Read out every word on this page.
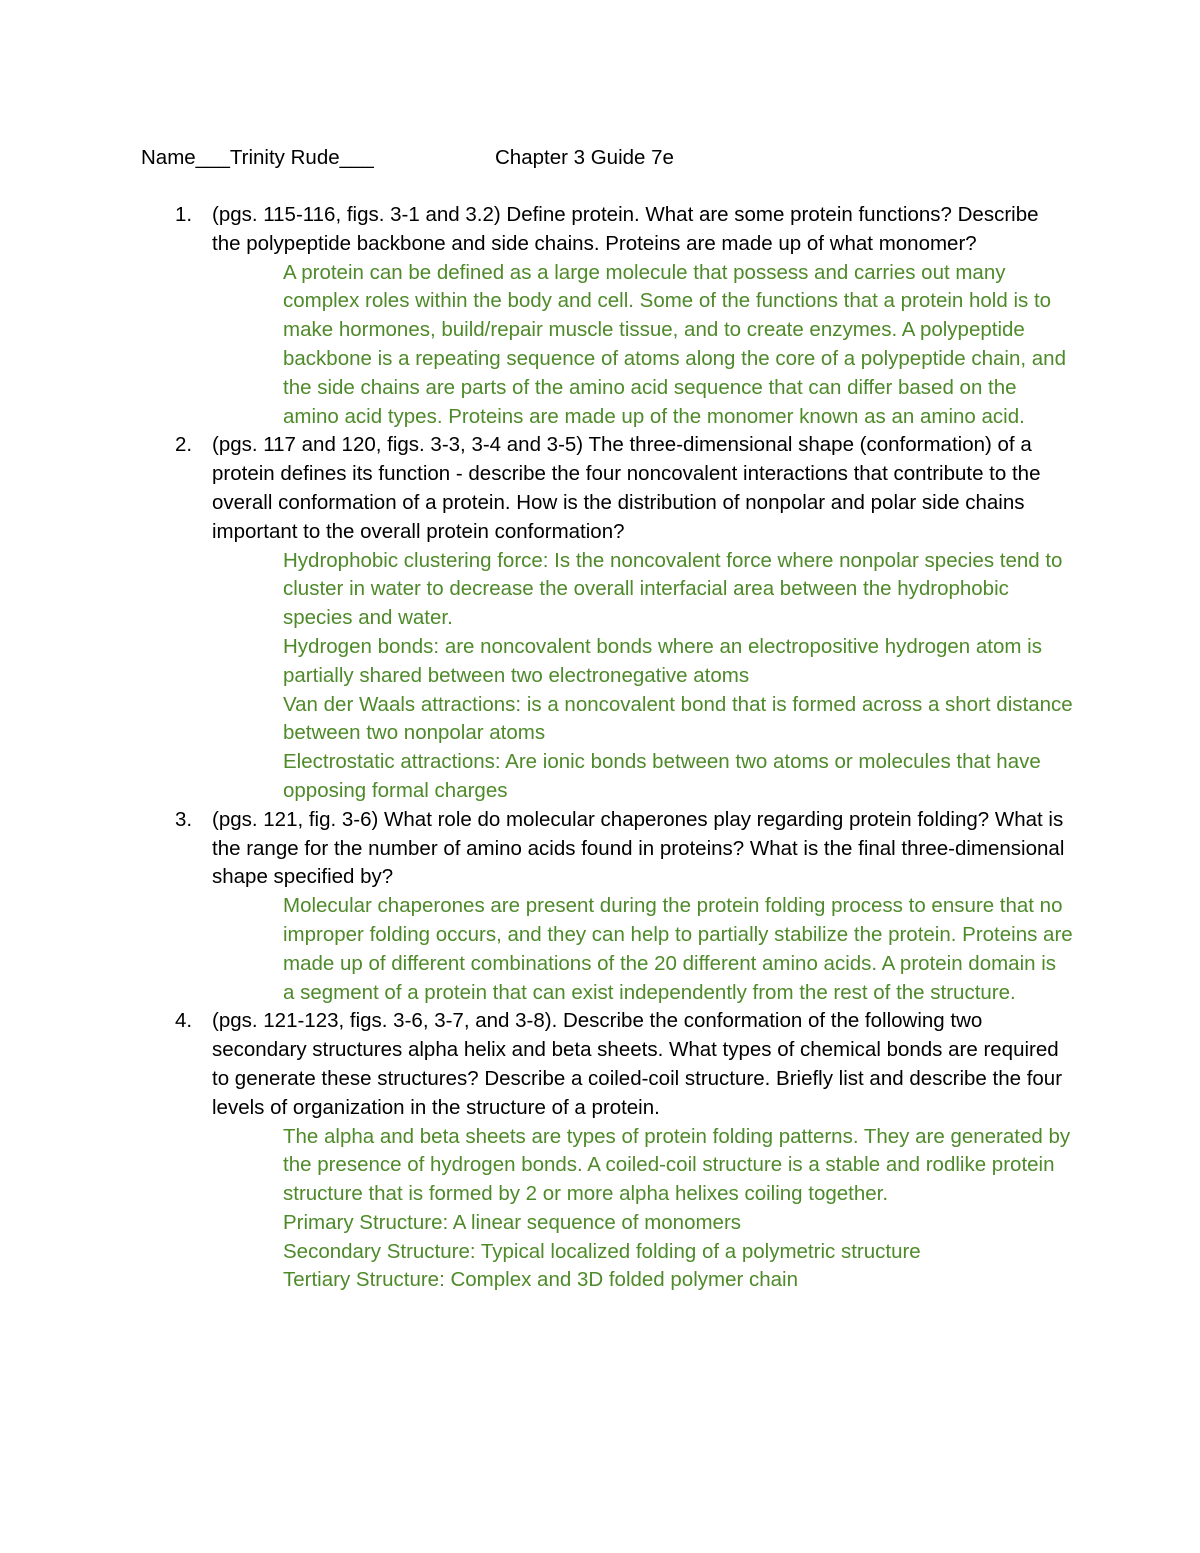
Name___Trinity Rude___	Chapter 3 Guide 7e
1. (pgs. 115-116, figs. 3-1 and 3.2) Define protein. What are some protein functions? Describe the polypeptide backbone and side chains. Proteins are made up of what monomer?
A protein can be defined as a large molecule that possess and carries out many complex roles within the body and cell. Some of the functions that a protein hold is to make hormones, build/repair muscle tissue, and to create enzymes. A polypeptide backbone is a repeating sequence of atoms along the core of a polypeptide chain, and the side chains are parts of the amino acid sequence that can differ based on the amino acid types. Proteins are made up of the monomer known as an amino acid.
2. (pgs. 117 and 120, figs. 3-3, 3-4 and 3-5) The three-dimensional shape (conformation) of a protein defines its function - describe the four noncovalent interactions that contribute to the overall conformation of a protein. How is the distribution of nonpolar and polar side chains important to the overall protein conformation?
Hydrophobic clustering force: Is the noncovalent force where nonpolar species tend to cluster in water to decrease the overall interfacial area between the hydrophobic species and water.
Hydrogen bonds: are noncovalent bonds where an electropositive hydrogen atom is partially shared between two electronegative atoms
Van der Waals attractions: is a noncovalent bond that is formed across a short distance between two nonpolar atoms
Electrostatic attractions: Are ionic bonds between two atoms or molecules that have opposing formal charges
3. (pgs. 121, fig. 3-6) What role do molecular chaperones play regarding protein folding? What is the range for the number of amino acids found in proteins? What is the final three-dimensional shape specified by?
Molecular chaperones are present during the protein folding process to ensure that no improper folding occurs, and they can help to partially stabilize the protein. Proteins are made up of different combinations of the 20 different amino acids. A protein domain is a segment of a protein that can exist independently from the rest of the structure.
4. (pgs. 121-123, figs. 3-6, 3-7, and 3-8). Describe the conformation of the following two secondary structures alpha helix and beta sheets. What types of chemical bonds are required to generate these structures? Describe a coiled-coil structure. Briefly list and describe the four levels of organization in the structure of a protein.
The alpha and beta sheets are types of protein folding patterns. They are generated by the presence of hydrogen bonds. A coiled-coil structure is a stable and rodlike protein structure that is formed by 2 or more alpha helixes coiling together.
Primary Structure: A linear sequence of monomers
Secondary Structure: Typical localized folding of a polymetric structure
Tertiary Structure: Complex and 3D folded polymer chain
